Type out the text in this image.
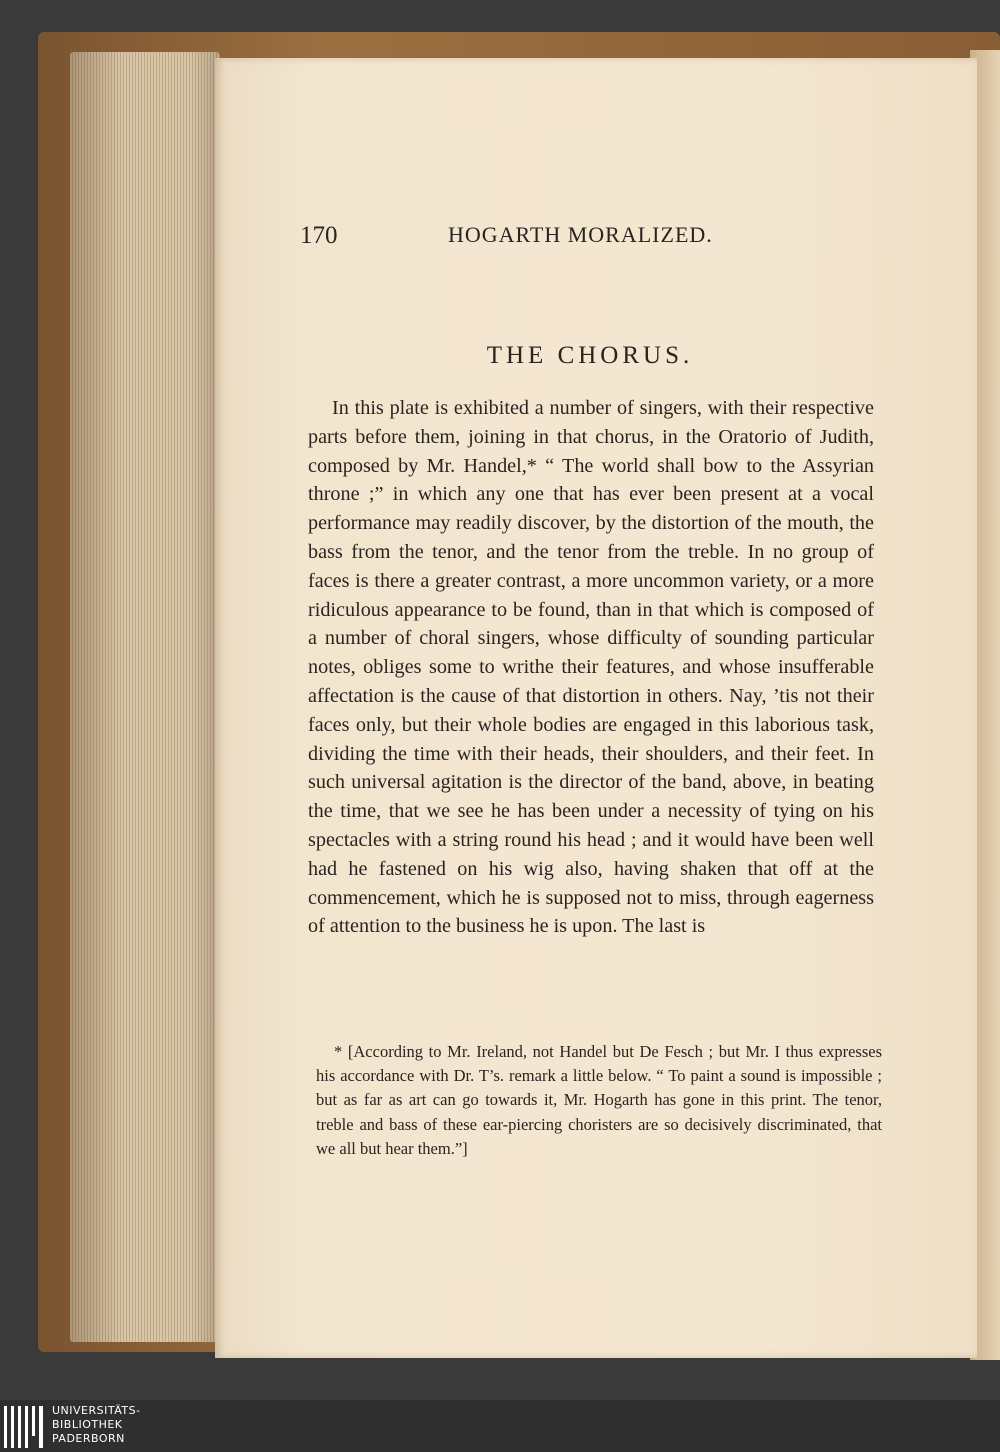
170	HOGARTH MORALIZED.
THE CHORUS.

In this plate is exhibited a number of singers, with their respective parts before them, joining in that chorus, in the Oratorio of Judith, composed by Mr. Handel,* “ The world shall bow to the Assyrian throne ;” in which any one that has ever been present at a vocal performance may readily discover, by the distortion of the mouth, the bass from the tenor, and the tenor from the treble. In no group of faces is there a greater contrast, a more uncommon variety, or a more ridiculous appearance to be found, than in that which is composed of a number of choral singers, whose difficulty of sounding particular notes, obliges some to writhe their features, and whose insufferable affectation is the cause of that distortion in others. Nay, ’tis not their faces only, but their whole bodies are engaged in this laborious task, dividing the time with their heads, their shoulders, and their feet. In such universal agitation is the director of the band, above, in beating the time, that we see he has been under a necessity of tying on his spectacles with a string round his head ; and it would have been well had he fastened on his wig also, having shaken that off at the commencement, which he is supposed not to miss, through eagerness of attention to the business he is upon. The last is

* [According to Mr. Ireland, not Handel but De Fesch ; but Mr. I thus expresses his accordance with Dr. T’s. remark a little below. “ To paint a sound is impossible ; but as far as art can go towards it, Mr. Hogarth has gone in this print. The tenor, treble and bass of these ear-piercing choristers are so decisively discriminated, that we all but hear them.”]

UNIVERSITÄTS-
BIBLIOTHEK
PADERBORN
